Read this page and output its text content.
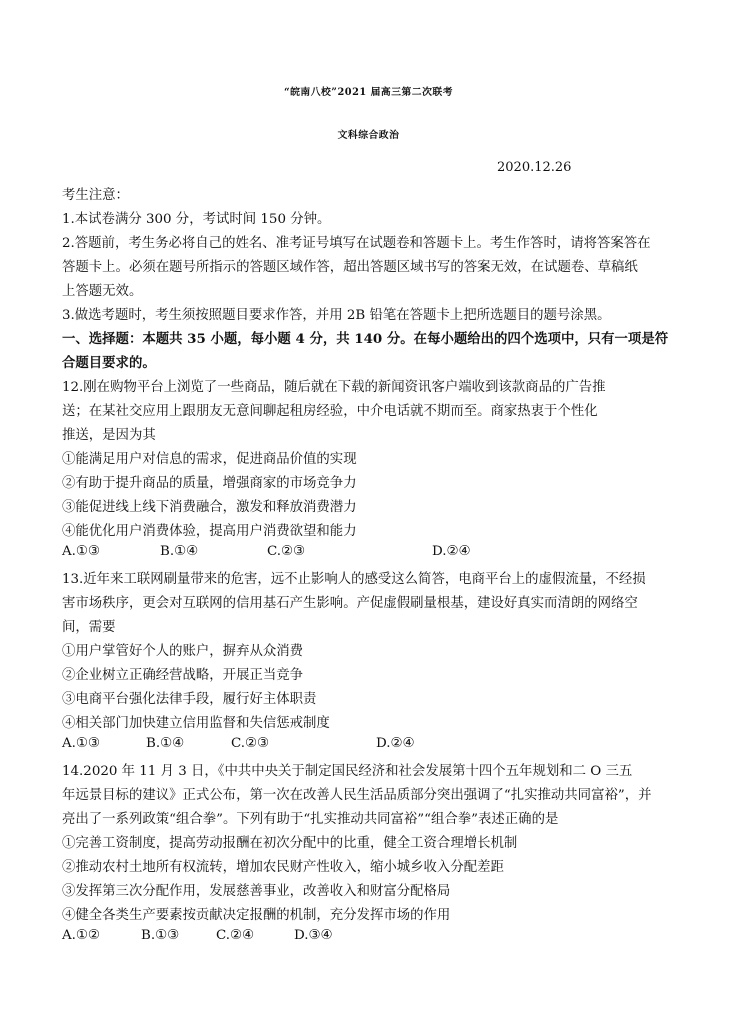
“皖南八校”2021 届高三第二次联考
文科综合政治
2020.12.26
考生注意：
1.本试卷满分 300 分，考试时间 150 分钟。
2.答题前，考生务必将自己的姓名、准考证号填写在试题卷和答题卡上。考生作答时，请将答案答在
答题卡上。必须在题号所指示的答题区域作答，超出答题区域书写的答案无效，在试题卷、草稿纸
上答题无效。
3.做选考题时，考生须按照题目要求作答，并用 2B 铅笔在答题卡上把所选题目的题号涂黑。
一、选择题：本题共 35 小题，每小题 4 分，共 140 分。在每小题给出的四个选项中，只有一项是符
合题目要求的。
12.刚在购物平台上浏览了一些商品，随后就在下载的新闻资讯客户端收到该款商品的广告推
送；在某社交应用上跟朋友无意间聊起租房经验，中介电话就不期而至。商家热衷于个性化
推送，是因为其
①能满足用户对信息的需求，促进商品价值的实现
②有助于提升商品的质量，增强商家的市场竞争力
③能促进线上线下消费融合，激发和释放消费潜力
④能优化用户消费体验，提高用户消费欲望和能力
A.①③	B.①④	C.②③	D.②④
13.近年来工联网刷量带来的危害，远不止影响人的感受这么简答，电商平台上的虚假流量，不经损
害市场秩序，更会对互联网的信用基石产生影响。产促虚假刷量根基，建设好真实而清朗的网络空
间，需要
①用户掌管好个人的账户，摒弃从众消费
②企业树立正确经营战略，开展正当竞争
③电商平台强化法律手段，履行好主体职责
④相关部门加快建立信用监督和失信惩戒制度
A.①③	B.①④	C.②③	D.②④
14.2020 年 11 月 3 日，《中共中央关于制定国民经济和社会发展第十四个五年规划和二 O 三五
年远景目标的建议》正式公布，第一次在改善人民生活品质部分突出强调了“扎实推动共同富裕”，并
亮出了一系列政策“组合拳”。下列有助于“扎实推动共同富裕”“组合拳”表述正确的是
①完善工资制度，提高劳动报酬在初次分配中的比重，健全工资合理增长机制
②推动农村土地所有权流转，增加农民财产性收入，缩小城乡收入分配差距
③发挥第三次分配作用，发展慈善事业，改善收入和财富分配格局
④健全各类生产要素按贡献决定报酬的机制，充分发挥市场的作用
A.①②	B.①③	C.②④	D.③④
